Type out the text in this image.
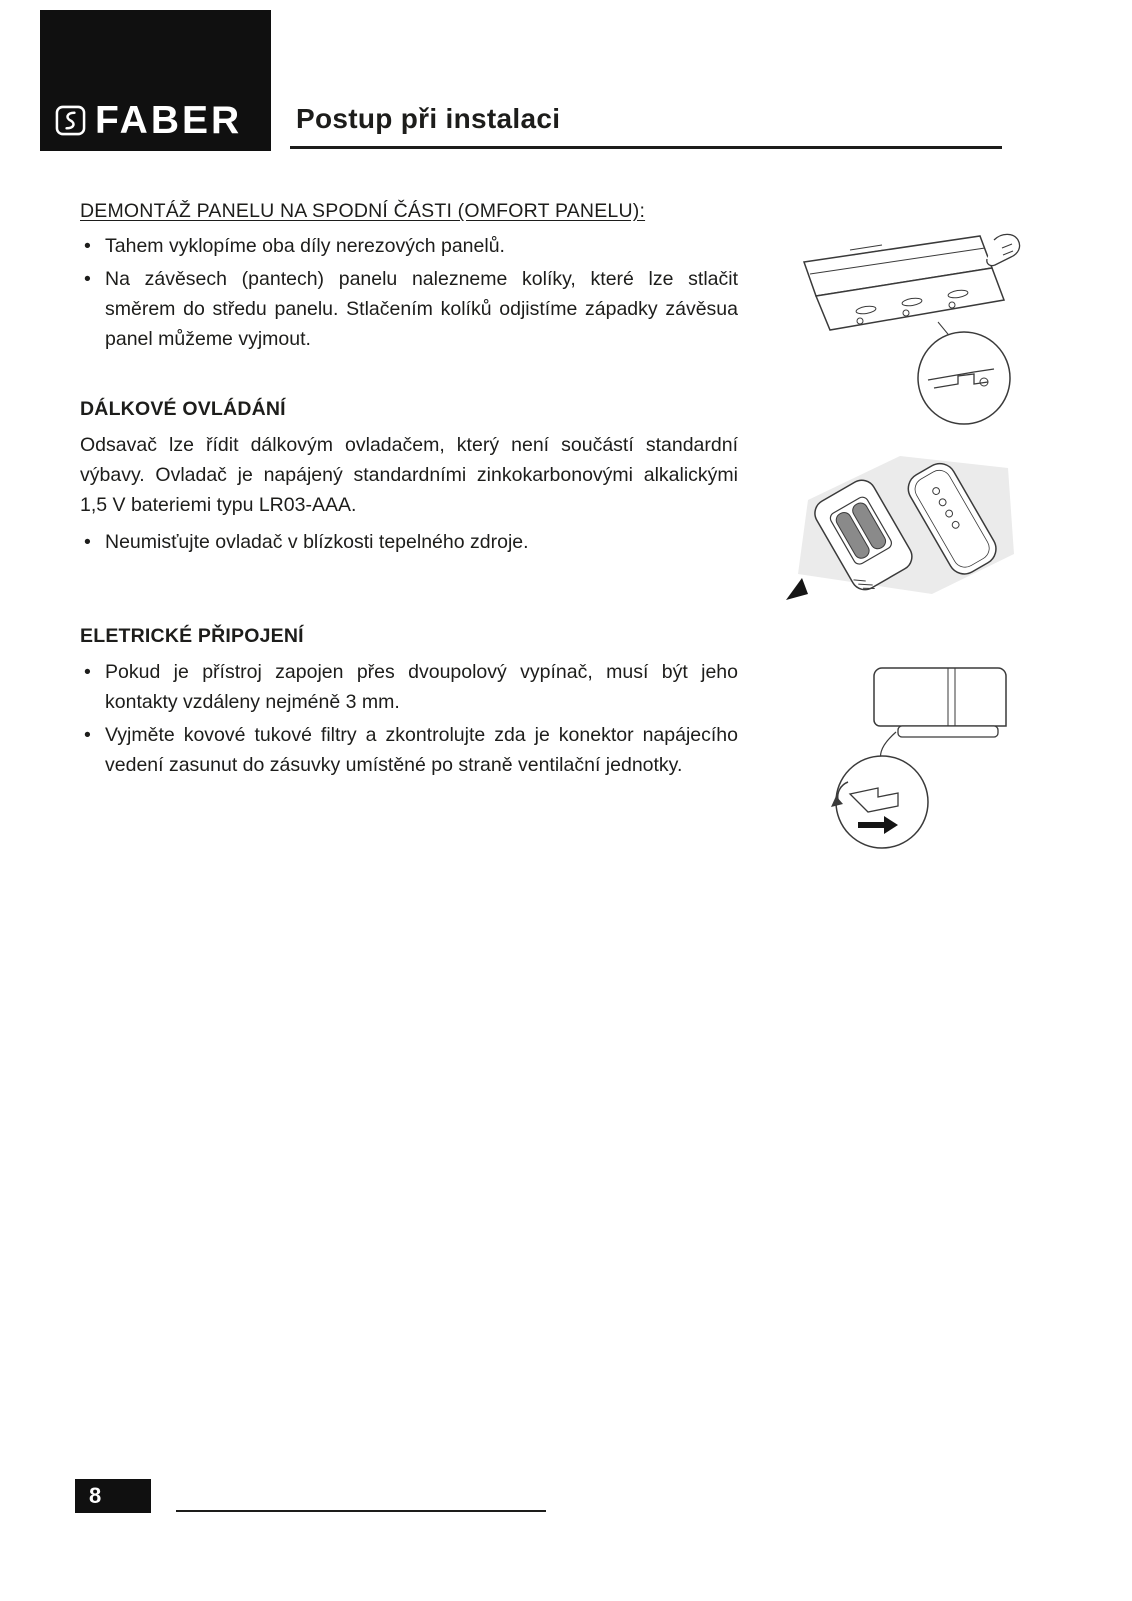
FABER Postup při instalaci
DEMONTÁŽ PANELU NA SPODNÍ ČÁSTI (OMFORT PANELU):
• Tahem vyklopíme oba díly nerezových panelů.

• Na závěsech (pantech) panelu nalezneme kolíky, které lze stlačit směrem do středu panelu. Stlačením kolíků odjistíme západky závěsua panel můžeme vyjmout.

DÁLKOVÉ OVLÁDÁNÍ

Odsavač lze řídit dálkovým ovladačem, který není součástí standardní výbavy. Ovladač je napájený standardními zinkokarbonovými alkalickými 1,5 V bateriemi typu LR03-AAA.

• Neumisťujte ovladač v blízkosti tepelného zdroje.

ELETRICKÉ PŘIPOJENÍ
• Pokud je přístroj zapojen přes dvoupolový vypínač, musí být jeho kontakty vzdáleny nejméně 3 mm.

• Vyjměte kovové tukové filtry a zkontrolujte zda je konektor napájecího vedení zasunut do zásuvky umístěné po straně ventilační jednotky.

8
